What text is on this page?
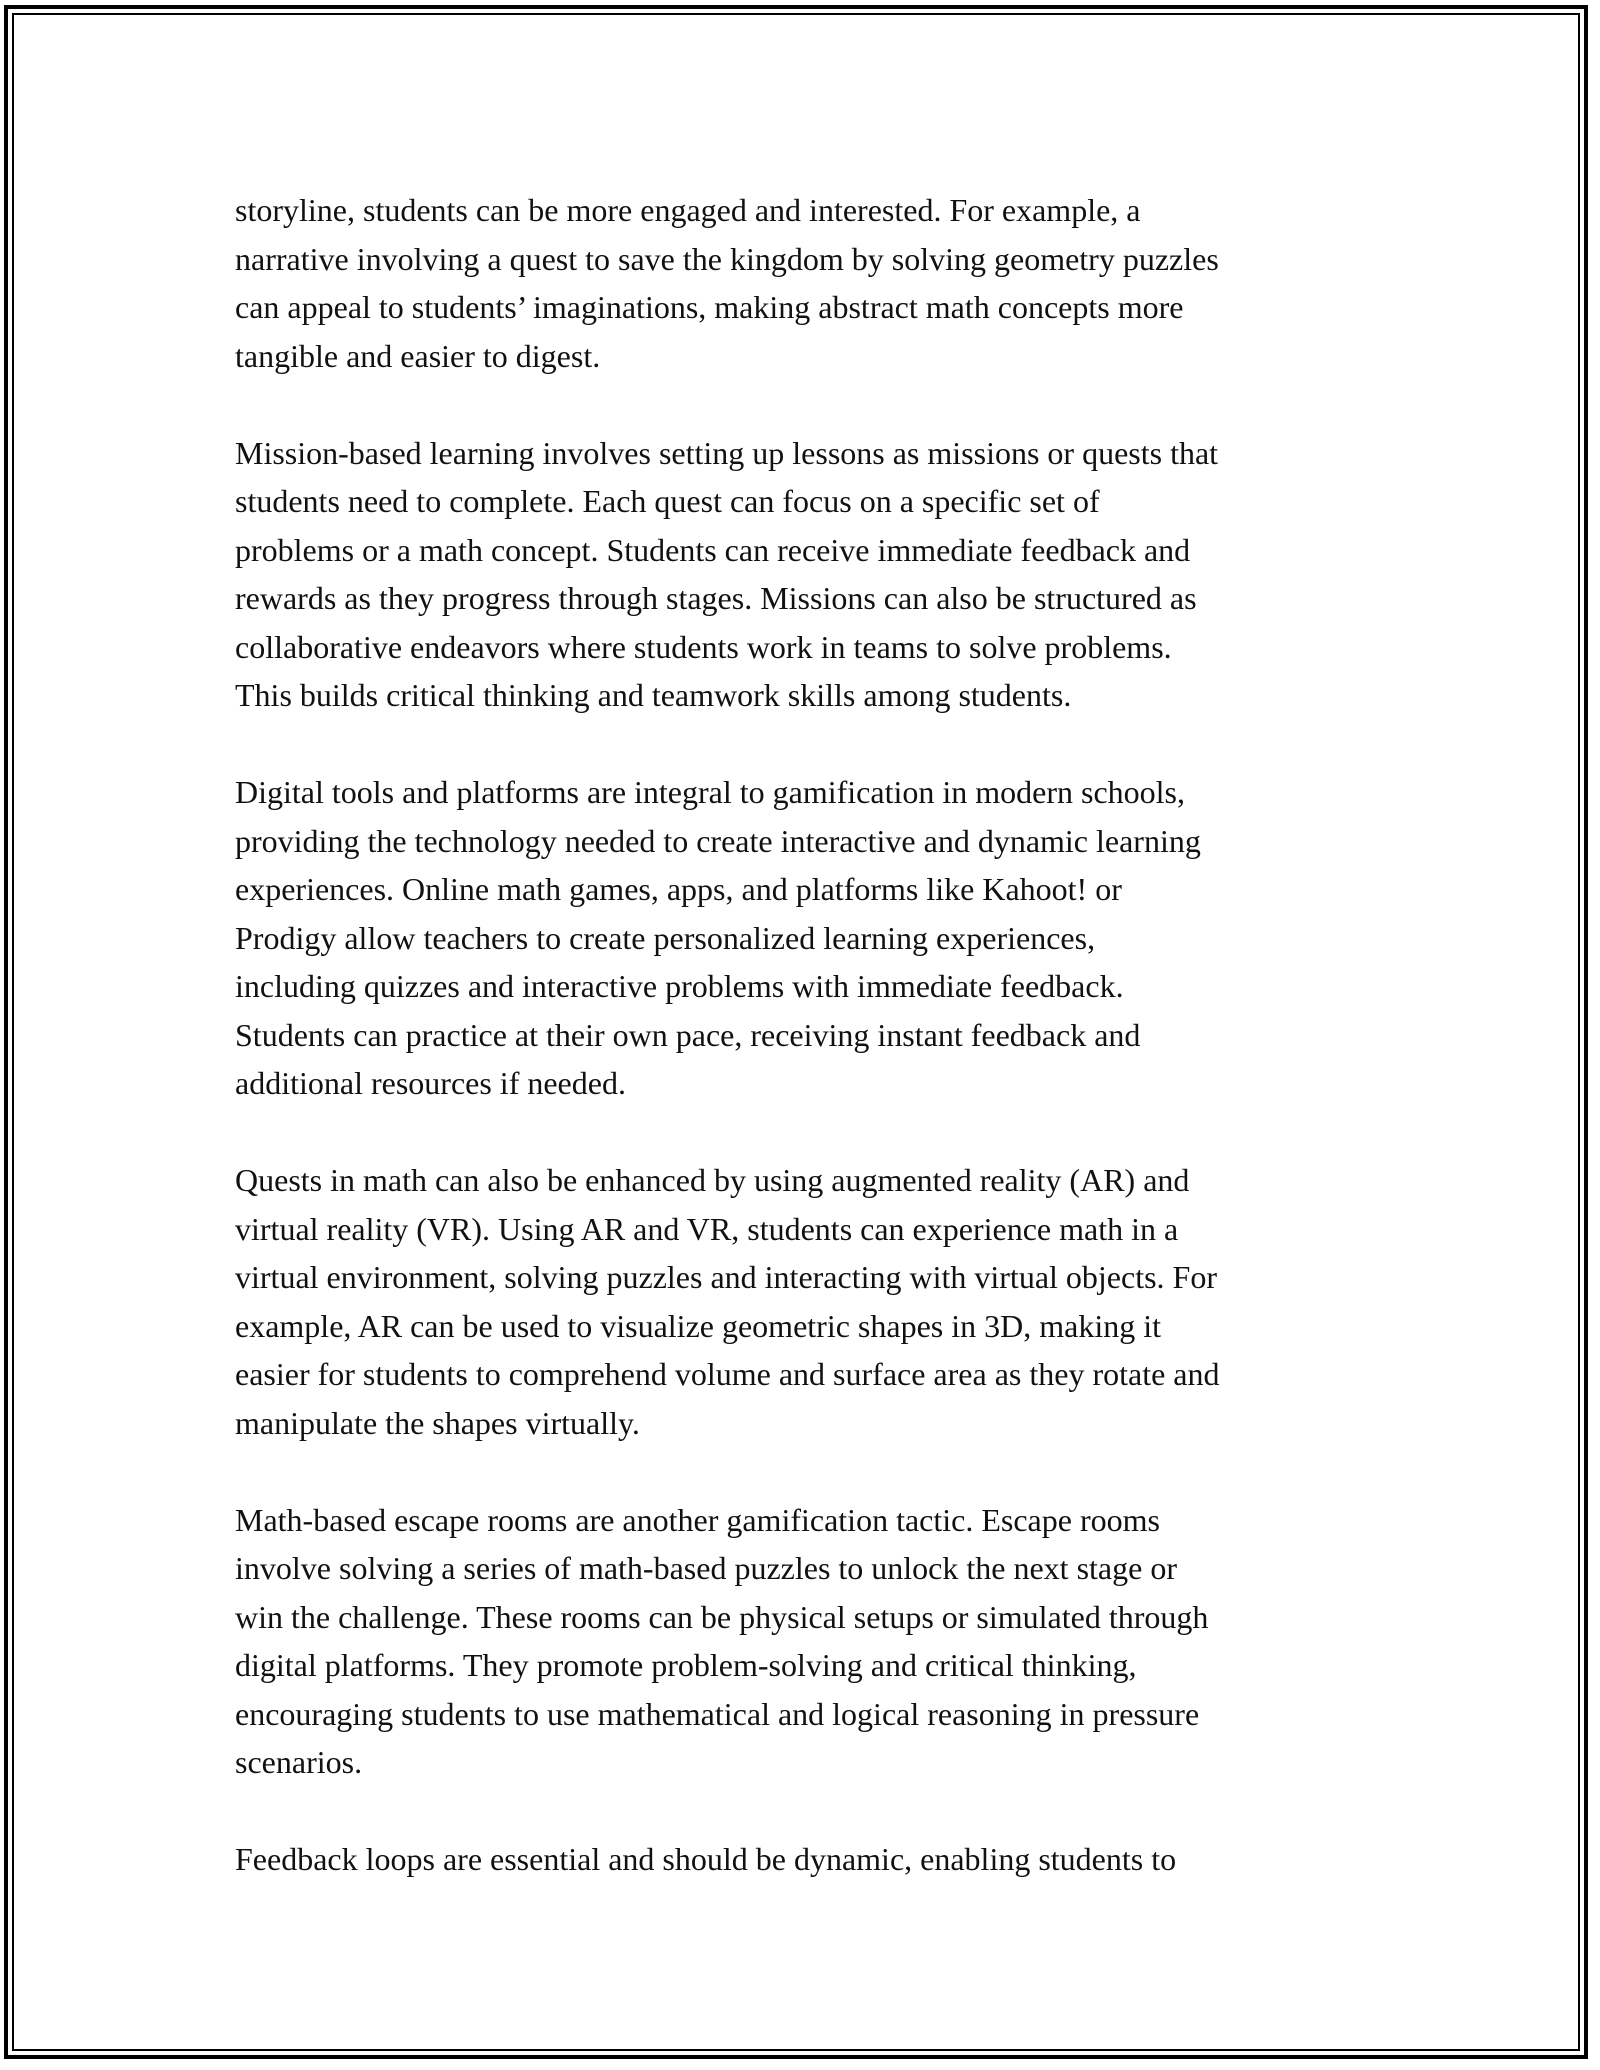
storyline, students can be more engaged and interested. For example, a
narrative involving a quest to save the kingdom by solving geometry puzzles
can appeal to students’ imaginations, making abstract math concepts more
tangible and easier to digest.

Mission-based learning involves setting up lessons as missions or quests that
students need to complete. Each quest can focus on a specific set of
problems or a math concept. Students can receive immediate feedback and
rewards as they progress through stages. Missions can also be structured as
collaborative endeavors where students work in teams to solve problems.
This builds critical thinking and teamwork skills among students.

Digital tools and platforms are integral to gamification in modern schools,
providing the technology needed to create interactive and dynamic learning
experiences. Online math games, apps, and platforms like Kahoot! or
Prodigy allow teachers to create personalized learning experiences,
including quizzes and interactive problems with immediate feedback.
Students can practice at their own pace, receiving instant feedback and
additional resources if needed.

Quests in math can also be enhanced by using augmented reality (AR) and
virtual reality (VR). Using AR and VR, students can experience math in a
virtual environment, solving puzzles and interacting with virtual objects. For
example, AR can be used to visualize geometric shapes in 3D, making it
easier for students to comprehend volume and surface area as they rotate and
manipulate the shapes virtually.

Math-based escape rooms are another gamification tactic. Escape rooms
involve solving a series of math-based puzzles to unlock the next stage or
win the challenge. These rooms can be physical setups or simulated through
digital platforms. They promote problem-solving and critical thinking,
encouraging students to use mathematical and logical reasoning in pressure
scenarios.

Feedback loops are essential and should be dynamic, enabling students to
